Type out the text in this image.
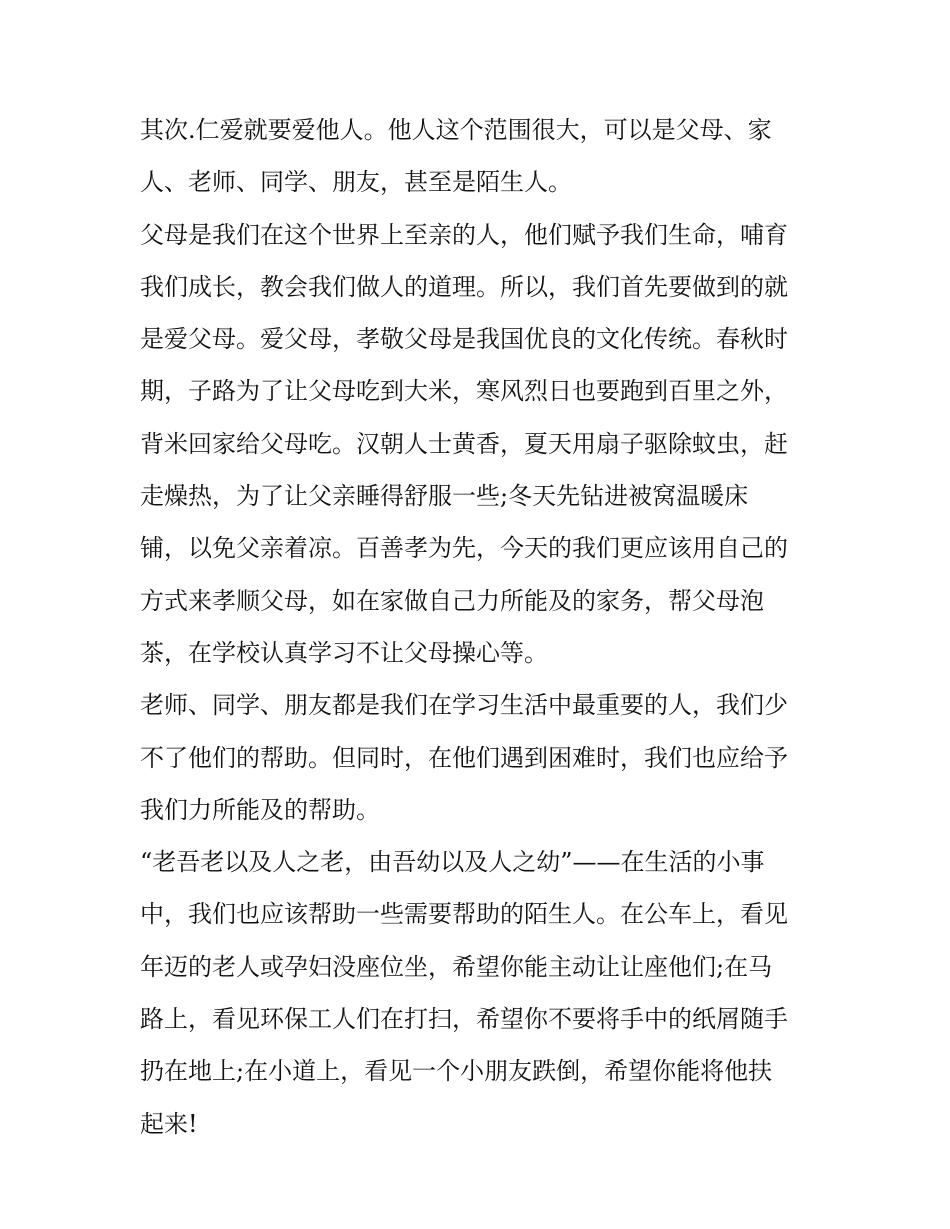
其次.仁爱就要爱他人。他人这个范围很大，可以是父母、家
人、老师、同学、朋友，甚至是陌生人。
父母是我们在这个世界上至亲的人，他们赋予我们生命，哺育
我们成长，教会我们做人的道理。所以，我们首先要做到的就
是爱父母。爱父母，孝敬父母是我国优良的文化传统。春秋时
期，子路为了让父母吃到大米，寒风烈日也要跑到百里之外，
背米回家给父母吃。汉朝人士黄香，夏天用扇子驱除蚊虫，赶
走燥热，为了让父亲睡得舒服一些;冬天先钻进被窝温暖床
铺，以免父亲着凉。百善孝为先，今天的我们更应该用自己的
方式来孝顺父母，如在家做自己力所能及的家务，帮父母泡
茶，在学校认真学习不让父母操心等。
老师、同学、朋友都是我们在学习生活中最重要的人，我们少
不了他们的帮助。但同时，在他们遇到困难时，我们也应给予
我们力所能及的帮助。
“老吾老以及人之老，由吾幼以及人之幼”——在生活的小事
中，我们也应该帮助一些需要帮助的陌生人。在公车上，看见
年迈的老人或孕妇没座位坐，希望你能主动让让座他们;在马
路上，看见环保工人们在打扫，希望你不要将手中的纸屑随手
扔在地上;在小道上，看见一个小朋友跌倒，希望你能将他扶
起来!
